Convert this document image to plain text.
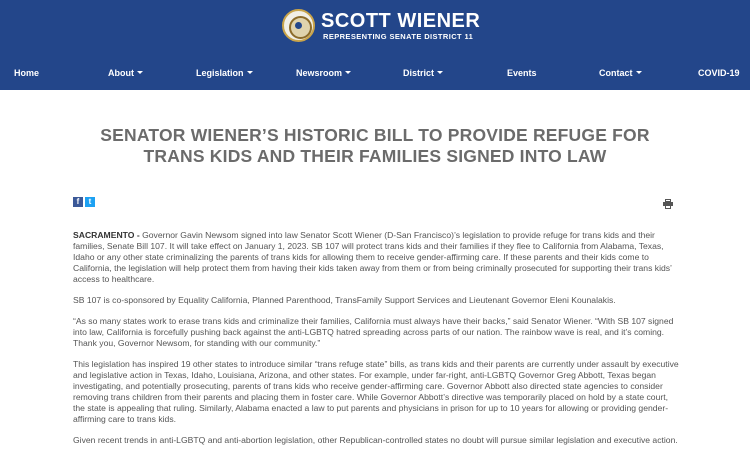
SCOTT WIENER
REPRESENTING SENATE DISTRICT 11
Home	About	Legislation	Newsroom	District	Events	Contact	COVID-19
SENATOR WIENER’S HISTORIC BILL TO PROVIDE REFUGE FOR TRANS KIDS AND THEIR FAMILIES SIGNED INTO LAW
f	t

SACRAMENTO - Governor Gavin Newsom signed into law Senator Scott Wiener (D-San Francisco)’s legislation to provide refuge for trans kids and their families, Senate Bill 107. It will take effect on January 1, 2023. SB 107 will protect trans kids and their families if they flee to California from Alabama, Texas, Idaho or any other state criminalizing the parents of trans kids for allowing them to receive gender-affirming care. If these parents and their kids come to California, the legislation will help protect them from having their kids taken away from them or from being criminally prosecuted for supporting their trans kids’ access to healthcare.

SB 107 is co-sponsored by Equality California, Planned Parenthood, TransFamily Support Services and Lieutenant Governor Eleni Kounalakis.

“As so many states work to erase trans kids and criminalize their families, California must always have their backs,” said Senator Wiener. “With SB 107 signed into law, California is forcefully pushing back against the anti-LGBTQ hatred spreading across parts of our nation. The rainbow wave is real, and it’s coming. Thank you, Governor Newsom, for standing with our community.”

This legislation has inspired 19 other states to introduce similar “trans refuge state” bills, as trans kids and their parents are currently under assault by executive and legislative action in Texas, Idaho, Louisiana, Arizona, and other states. For example, under far-right, anti-LGBTQ Governor Greg Abbott, Texas began investigating, and potentially prosecuting, parents of trans kids who receive gender-affirming care. Governor Abbott also directed state agencies to consider removing trans children from their parents and placing them in foster care. While Governor Abbott’s directive was temporarily placed on hold by a state court, the state is appealing that ruling. Similarly, Alabama enacted a law to put parents and physicians in prison for up to 10 years for allowing or providing gender-affirming care to trans kids.

Given recent trends in anti-LGBTQ and anti-abortion legislation, other Republican-controlled states no doubt will pursue similar legislation and executive action.
